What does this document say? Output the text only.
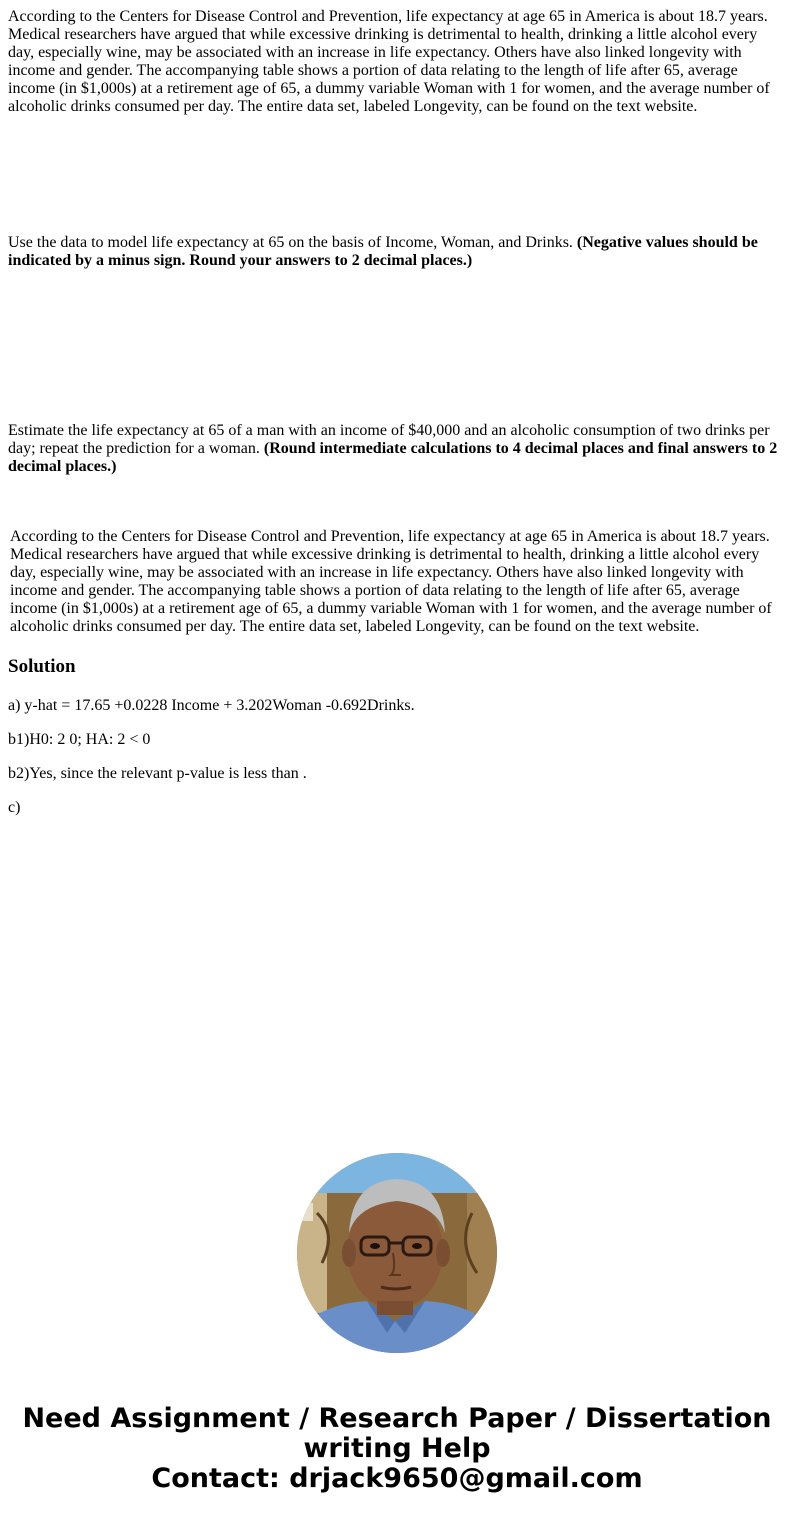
According to the Centers for Disease Control and Prevention, life expectancy at age 65 in America is about 18.7 years. Medical researchers have argued that while excessive drinking is detrimental to health, drinking a little alcohol every day, especially wine, may be associated with an increase in life expectancy. Others have also linked longevity with income and gender. The accompanying table shows a portion of data relating to the length of life after 65, average income (in $1,000s) at a retirement age of 65, a dummy variable Woman with 1 for women, and the average number of alcoholic drinks consumed per day. The entire data set, labeled Longevity, can be found on the text website.

Use the data to model life expectancy at 65 on the basis of Income, Woman, and Drinks. (Negative values should be indicated by a minus sign. Round your answers to 2 decimal places.)

Estimate the life expectancy at 65 of a man with an income of $40,000 and an alcoholic consumption of two drinks per day; repeat the prediction for a woman. (Round intermediate calculations to 4 decimal places and final answers to 2 decimal places.)

According to the Centers for Disease Control and Prevention, life expectancy at age 65 in America is about 18.7 years. Medical researchers have argued that while excessive drinking is detrimental to health, drinking a little alcohol every day, especially wine, may be associated with an increase in life expectancy. Others have also linked longevity with income and gender. The accompanying table shows a portion of data relating to the length of life after 65, average income (in $1,000s) at a retirement age of 65, a dummy variable Woman with 1 for women, and the average number of alcoholic drinks consumed per day. The entire data set, labeled Longevity, can be found on the text website.

Solution

a) y-hat = 17.65 +0.0228 Income + 3.202Woman -0.692Drinks.

b1)H0: 2 0; HA: 2 < 0

b2)Yes, since the relevant p-value is less than .

c)

Need Assignment / Research Paper / Dissertation
writing Help
Contact: drjack9650@gmail.com
